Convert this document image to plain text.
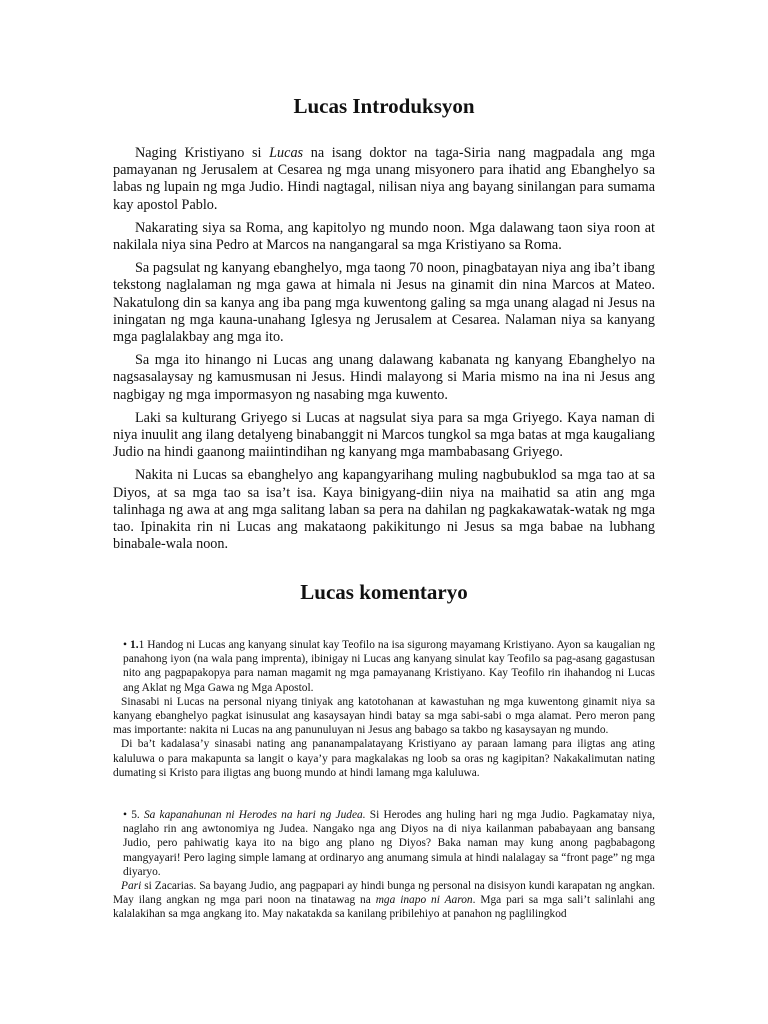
Lucas Introduksyon

Naging Kristiyano si Lucas na isang doktor na taga-Siria nang magpadala ang mga pamayanan ng Jerusalem at Cesarea ng mga unang misyonero para ihatid ang Ebanghelyo sa labas ng lupain ng mga Judio. Hindi nagtagal, nilisan niya ang bayang sinilangan para sumama kay apostol Pablo.

Nakarating siya sa Roma, ang kapitolyo ng mundo noon. Mga dalawang taon siya roon at nakilala niya sina Pedro at Marcos na nangangaral sa mga Kristiyano sa Roma.

Sa pagsulat ng kanyang ebanghelyo, mga taong 70 noon, pinagbatayan niya ang iba’t ibang tekstong naglalaman ng mga gawa at himala ni Jesus na ginamit din nina Marcos at Mateo. Nakatulong din sa kanya ang iba pang mga kuwentong galing sa mga unang alagad ni Jesus na iningatan ng mga kauna-unahang Iglesya ng Jerusalem at Cesarea. Nalaman niya sa kanyang mga paglalakbay ang mga ito.

Sa mga ito hinango ni Lucas ang unang dalawang kabanata ng kanyang Ebanghelyo na nagsasalaysay ng kamusmusan ni Jesus. Hindi malayong si Maria mismo na ina ni Jesus ang nagbigay ng mga impormasyon ng nasabing mga kuwento.

Laki sa kulturang Griyego si Lucas at nagsulat siya para sa mga Griyego. Kaya naman di niya inuulit ang ilang detalyeng binabanggit ni Marcos tungkol sa mga batas at mga kaugaliang Judio na hindi gaanong maiintindihan ng kanyang mga mambabasang Griyego.

Nakita ni Lucas sa ebanghelyo ang kapangyarihang muling nagbubuklod sa mga tao at sa Diyos, at sa mga tao sa isa’t isa. Kaya binigyang-diin niya na maihatid sa atin ang mga talinhaga ng awa at ang mga salitang laban sa pera na dahilan ng pagkakawatak-watak ng mga tao. Ipinakita rin ni Lucas ang makataong pakikitungo ni Jesus sa mga babae na lubhang binabale-wala noon.

Lucas komentaryo

• 1.1 Handog ni Lucas ang kanyang sinulat kay Teofilo na isa sigurong mayamang Kristiyano. Ayon sa kaugalian ng panahong iyon (na wala pang imprenta), ibinigay ni Lucas ang kanyang sinulat kay Teofilo sa pag-asang gagastusan nito ang pagpapakopya para naman magamit ng mga pamayanang Kristiyano. Kay Teofilo rin ihahandog ni Lucas ang Aklat ng Mga Gawa ng Mga Apostol.

Sinasabi ni Lucas na personal niyang tiniyak ang katotohanan at kawastuhan ng mga kuwentong ginamit niya sa kanyang ebanghelyo pagkat isinusulat ang kasaysayan hindi batay sa mga sabi-sabi o mga alamat. Pero meron pang mas importante: nakita ni Lucas na ang panunuluyan ni Jesus ang babago sa takbo ng kasaysayan ng mundo.

Di ba’t kadalasa’y sinasabi nating ang pananampalatayang Kristiyano ay paraan lamang para iligtas ang ating kaluluwa o para makapunta sa langit o kaya’y para magkalakas ng loob sa oras ng kagipitan? Nakakalimutan nating dumating si Kristo para iligtas ang buong mundo at hindi lamang mga kaluluwa.

• 5. Sa kapanahunan ni Herodes na hari ng Judea. Si Herodes ang huling hari ng mga Judio. Pagkamatay niya, naglaho rin ang awtonomiya ng Judea. Nangako nga ang Diyos na di niya kailanman pababayaan ang bansang Judio, pero pahiwatig kaya ito na bigo ang plano ng Diyos? Baka naman may kung anong pagbabagong mangyayari! Pero laging simple lamang at ordinaryo ang anumang simula at hindi nalalagay sa “front page” ng mga diyaryo.

Pari si Zacarias. Sa bayang Judio, ang pagpapari ay hindi bunga ng personal na disisyon kundi karapatan ng angkan. May ilang angkan ng mga pari noon na tinatawag na mga inapo ni Aaron. Mga pari sa mga sali’t salinlahi ang kalalakihan sa mga angkang ito. May nakatakda sa kanilang pribilehiyo at panahon ng paglilingkod
